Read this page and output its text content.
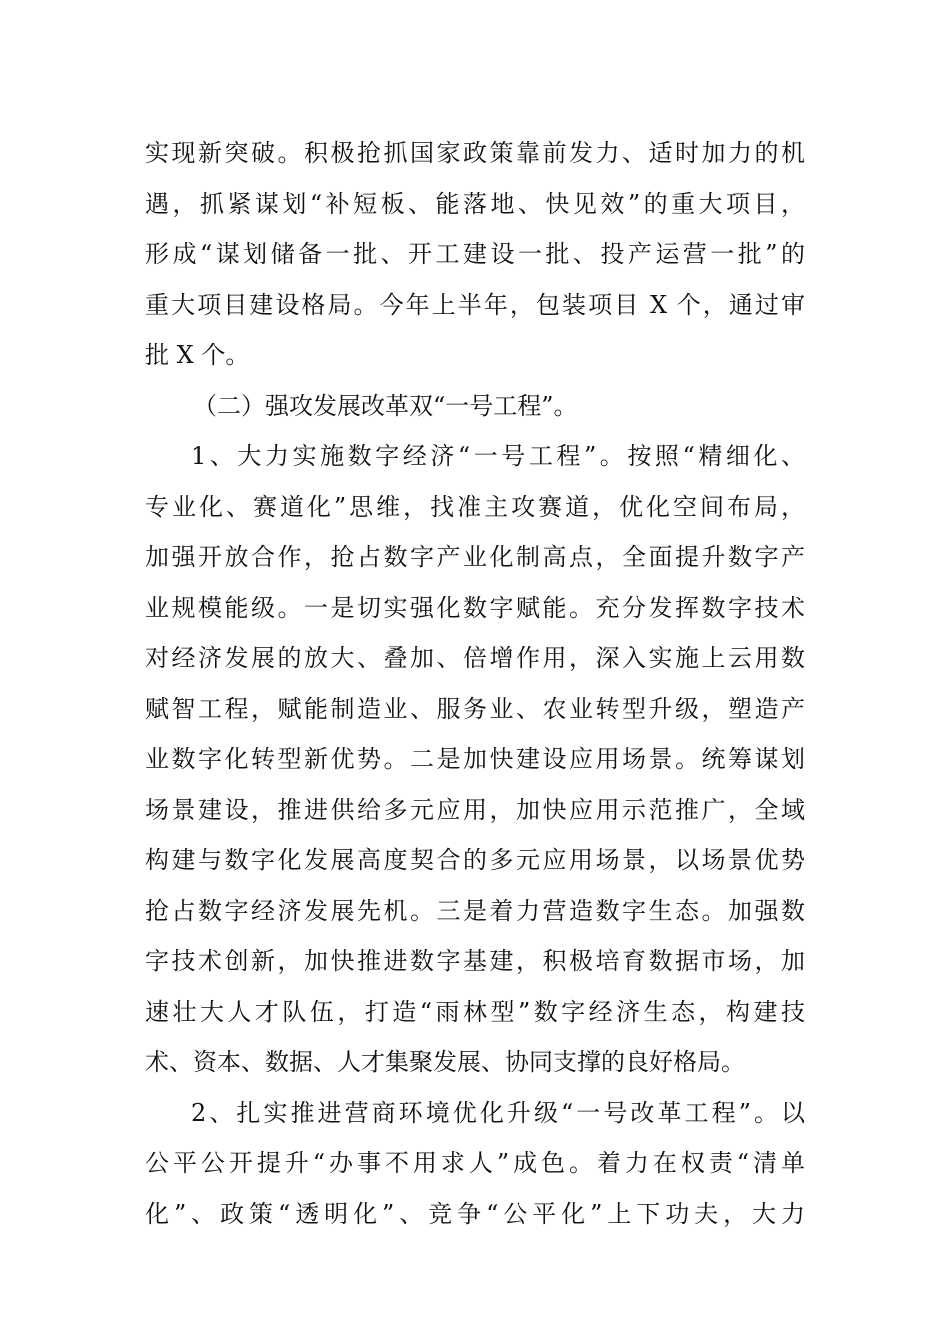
实现新突破。积极抢抓国家政策靠前发力、适时加力的机
遇，抓紧谋划“补短板、能落地、快见效”的重大项目，
形成“谋划储备一批、开工建设一批、投产运营一批”的
重大项目建设格局。今年上半年，包装项目 X 个，通过审
批 X 个。
（二）强攻发展改革双“一号工程”。
1、大力实施数字经济“一号工程”。按照“精细化、
专业化、赛道化”思维，找准主攻赛道，优化空间布局，
加强开放合作，抢占数字产业化制高点，全面提升数字产
业规模能级。一是切实强化数字赋能。充分发挥数字技术
对经济发展的放大、叠加、倍增作用，深入实施上云用数
赋智工程，赋能制造业、服务业、农业转型升级，塑造产
业数字化转型新优势。二是加快建设应用场景。统筹谋划
场景建设，推进供给多元应用，加快应用示范推广，全域
构建与数字化发展高度契合的多元应用场景，以场景优势
抢占数字经济发展先机。三是着力营造数字生态。加强数
字技术创新，加快推进数字基建，积极培育数据市场，加
速壮大人才队伍，打造“雨林型”数字经济生态，构建技
术、资本、数据、人才集聚发展、协同支撑的良好格局。
2、扎实推进营商环境优化升级“一号改革工程”。以
公平公开提升“办事不用求人”成色。着力在权责“清单
化”、政策“透明化”、竞争“公平化”上下功夫，大力
